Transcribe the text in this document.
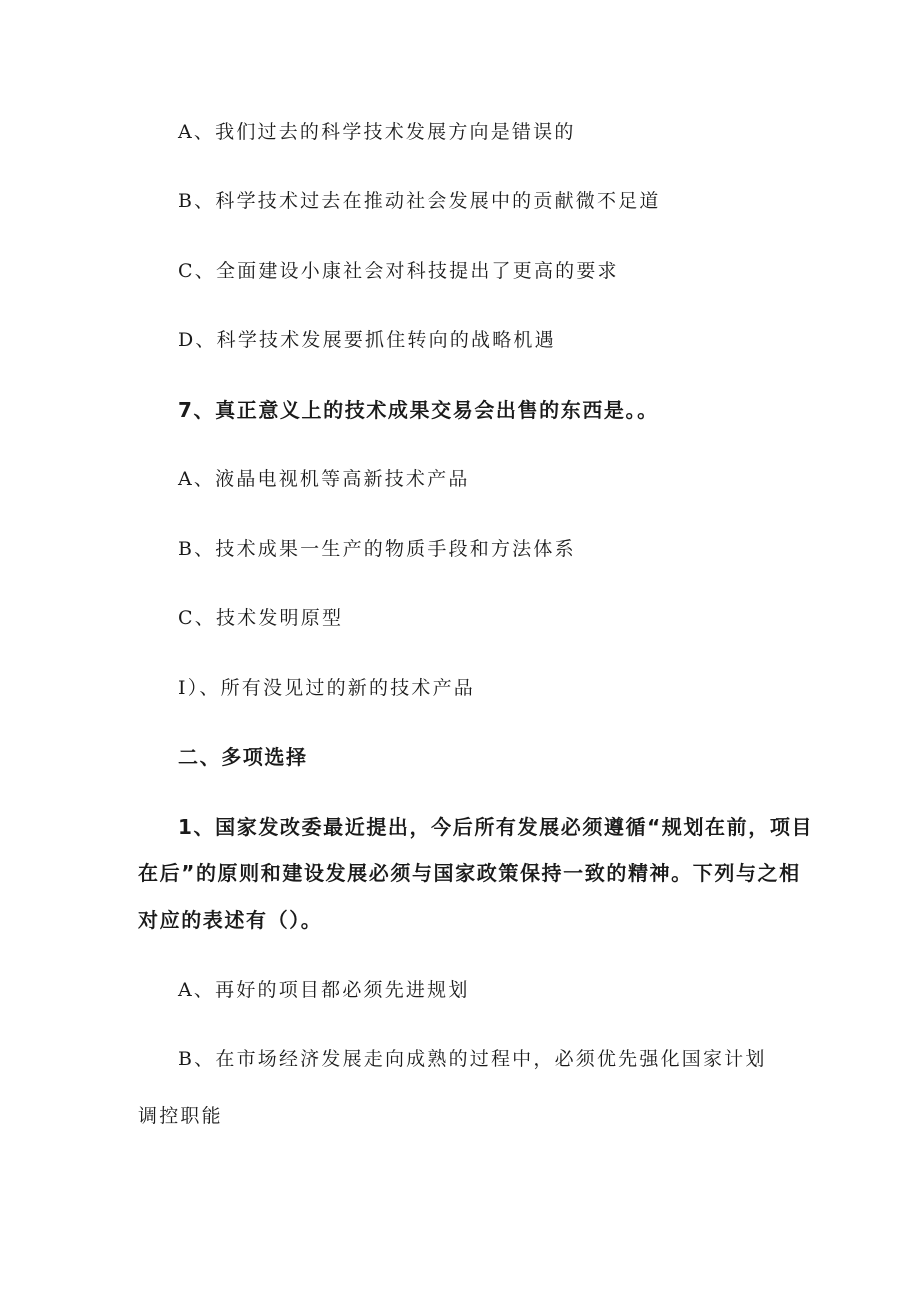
A、我们过去的科学技术发展方向是错误的
B、科学技术过去在推动社会发展中的贡献微不足道
C、全面建设小康社会对科技提出了更高的要求
D、科学技术发展要抓住转向的战略机遇
7、真正意义上的技术成果交易会出售的东西是。。
A、液晶电视机等高新技术产品
B、技术成果一生产的物质手段和方法体系
C、技术发明原型
I）、所有没见过的新的技术产品
二、多项选择
1、国家发改委最近提出，今后所有发展必须遵循“规划在前，项目
在后”的原则和建设发展必须与国家政策保持一致的精神。下列与之相
对应的表述有（）。
A、再好的项目都必须先进规划
B、在市场经济发展走向成熟的过程中，必须优先强化国家计划
调控职能
